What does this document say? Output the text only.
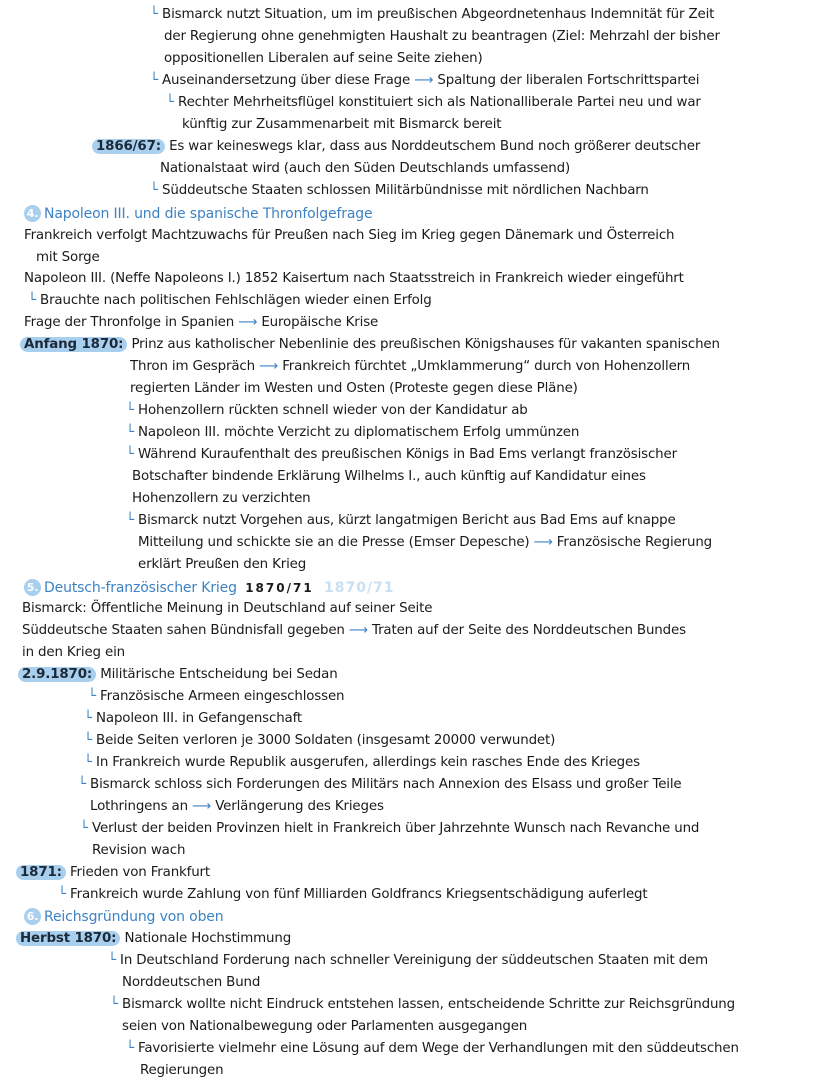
└ Bismarck nutzt Situation, um im preußischen Abgeordnetenhaus Indemnität für Zeit
der Regierung ohne genehmigten Haushalt zu beantragen (Ziel: Mehrzahl der bisher
oppositionellen Liberalen auf seine Seite ziehen)
└ Auseinandersetzung über diese Frage ⟶ Spaltung der liberalen Fortschrittspartei
└ Rechter Mehrheitsflügel konstituiert sich als Nationalliberale Partei neu und war
künftig zur Zusammenarbeit mit Bismarck bereit
1866/67: Es war keineswegs klar, dass aus Norddeutschem Bund noch größerer deutscher
Nationalstaat wird (auch den Süden Deutschlands umfassend)
└ Süddeutsche Staaten schlossen Militärbündnisse mit nördlichen Nachbarn
4. Napoleon III. und die spanische Thronfolgefrage
Frankreich verfolgt Machtzuwachs für Preußen nach Sieg im Krieg gegen Dänemark und Österreich
mit Sorge
Napoleon III. (Neffe Napoleons I.) 1852 Kaisertum nach Staatsstreich in Frankreich wieder eingeführt
└ Brauchte nach politischen Fehlschlägen wieder einen Erfolg
Frage der Thronfolge in Spanien ⟶ Europäische Krise
Anfang 1870: Prinz aus katholischer Nebenlinie des preußischen Königshauses für vakanten spanischen
Thron im Gespräch ⟶ Frankreich fürchtet „Umklammerung“ durch von Hohenzollern
regierten Länder im Westen und Osten (Proteste gegen diese Pläne)
└ Hohenzollern rückten schnell wieder von der Kandidatur ab
└ Napoleon III. möchte Verzicht zu diplomatischem Erfolg ummünzen
└ Während Kuraufenthalt des preußischen Königs in Bad Ems verlangt französischer
Botschafter bindende Erklärung Wilhelms I., auch künftig auf Kandidatur eines
Hohenzollern zu verzichten
└ Bismarck nutzt Vorgehen aus, kürzt langatmigen Bericht aus Bad Ems auf knappe
Mitteilung und schickte sie an die Presse (Emser Depesche) ⟶ Französische Regierung
erklärt Preußen den Krieg
5. Deutsch-französischer Krieg 1870/71 1870/71
Bismarck: Öffentliche Meinung in Deutschland auf seiner Seite
Süddeutsche Staaten sahen Bündnisfall gegeben ⟶ Traten auf der Seite des Norddeutschen Bundes
in den Krieg ein
2.9.1870: Militärische Entscheidung bei Sedan
└ Französische Armeen eingeschlossen
└ Napoleon III. in Gefangenschaft
└ Beide Seiten verloren je 3000 Soldaten (insgesamt 20000 verwundet)
└ In Frankreich wurde Republik ausgerufen, allerdings kein rasches Ende des Krieges
└ Bismarck schloss sich Forderungen des Militärs nach Annexion des Elsass und großer Teile
Lothringens an ⟶ Verlängerung des Krieges
└ Verlust der beiden Provinzen hielt in Frankreich über Jahrzehnte Wunsch nach Revanche und
Revision wach
1871: Frieden von Frankfurt
└ Frankreich wurde Zahlung von fünf Milliarden Goldfrancs Kriegsentschädigung auferlegt
6. Reichsgründung von oben
Herbst 1870: Nationale Hochstimmung
└ In Deutschland Forderung nach schneller Vereinigung der süddeutschen Staaten mit dem
Norddeutschen Bund
└ Bismarck wollte nicht Eindruck entstehen lassen, entscheidende Schritte zur Reichsgründung
seien von Nationalbewegung oder Parlamenten ausgegangen
└ Favorisierte vielmehr eine Lösung auf dem Wege der Verhandlungen mit den süddeutschen
Regierungen
